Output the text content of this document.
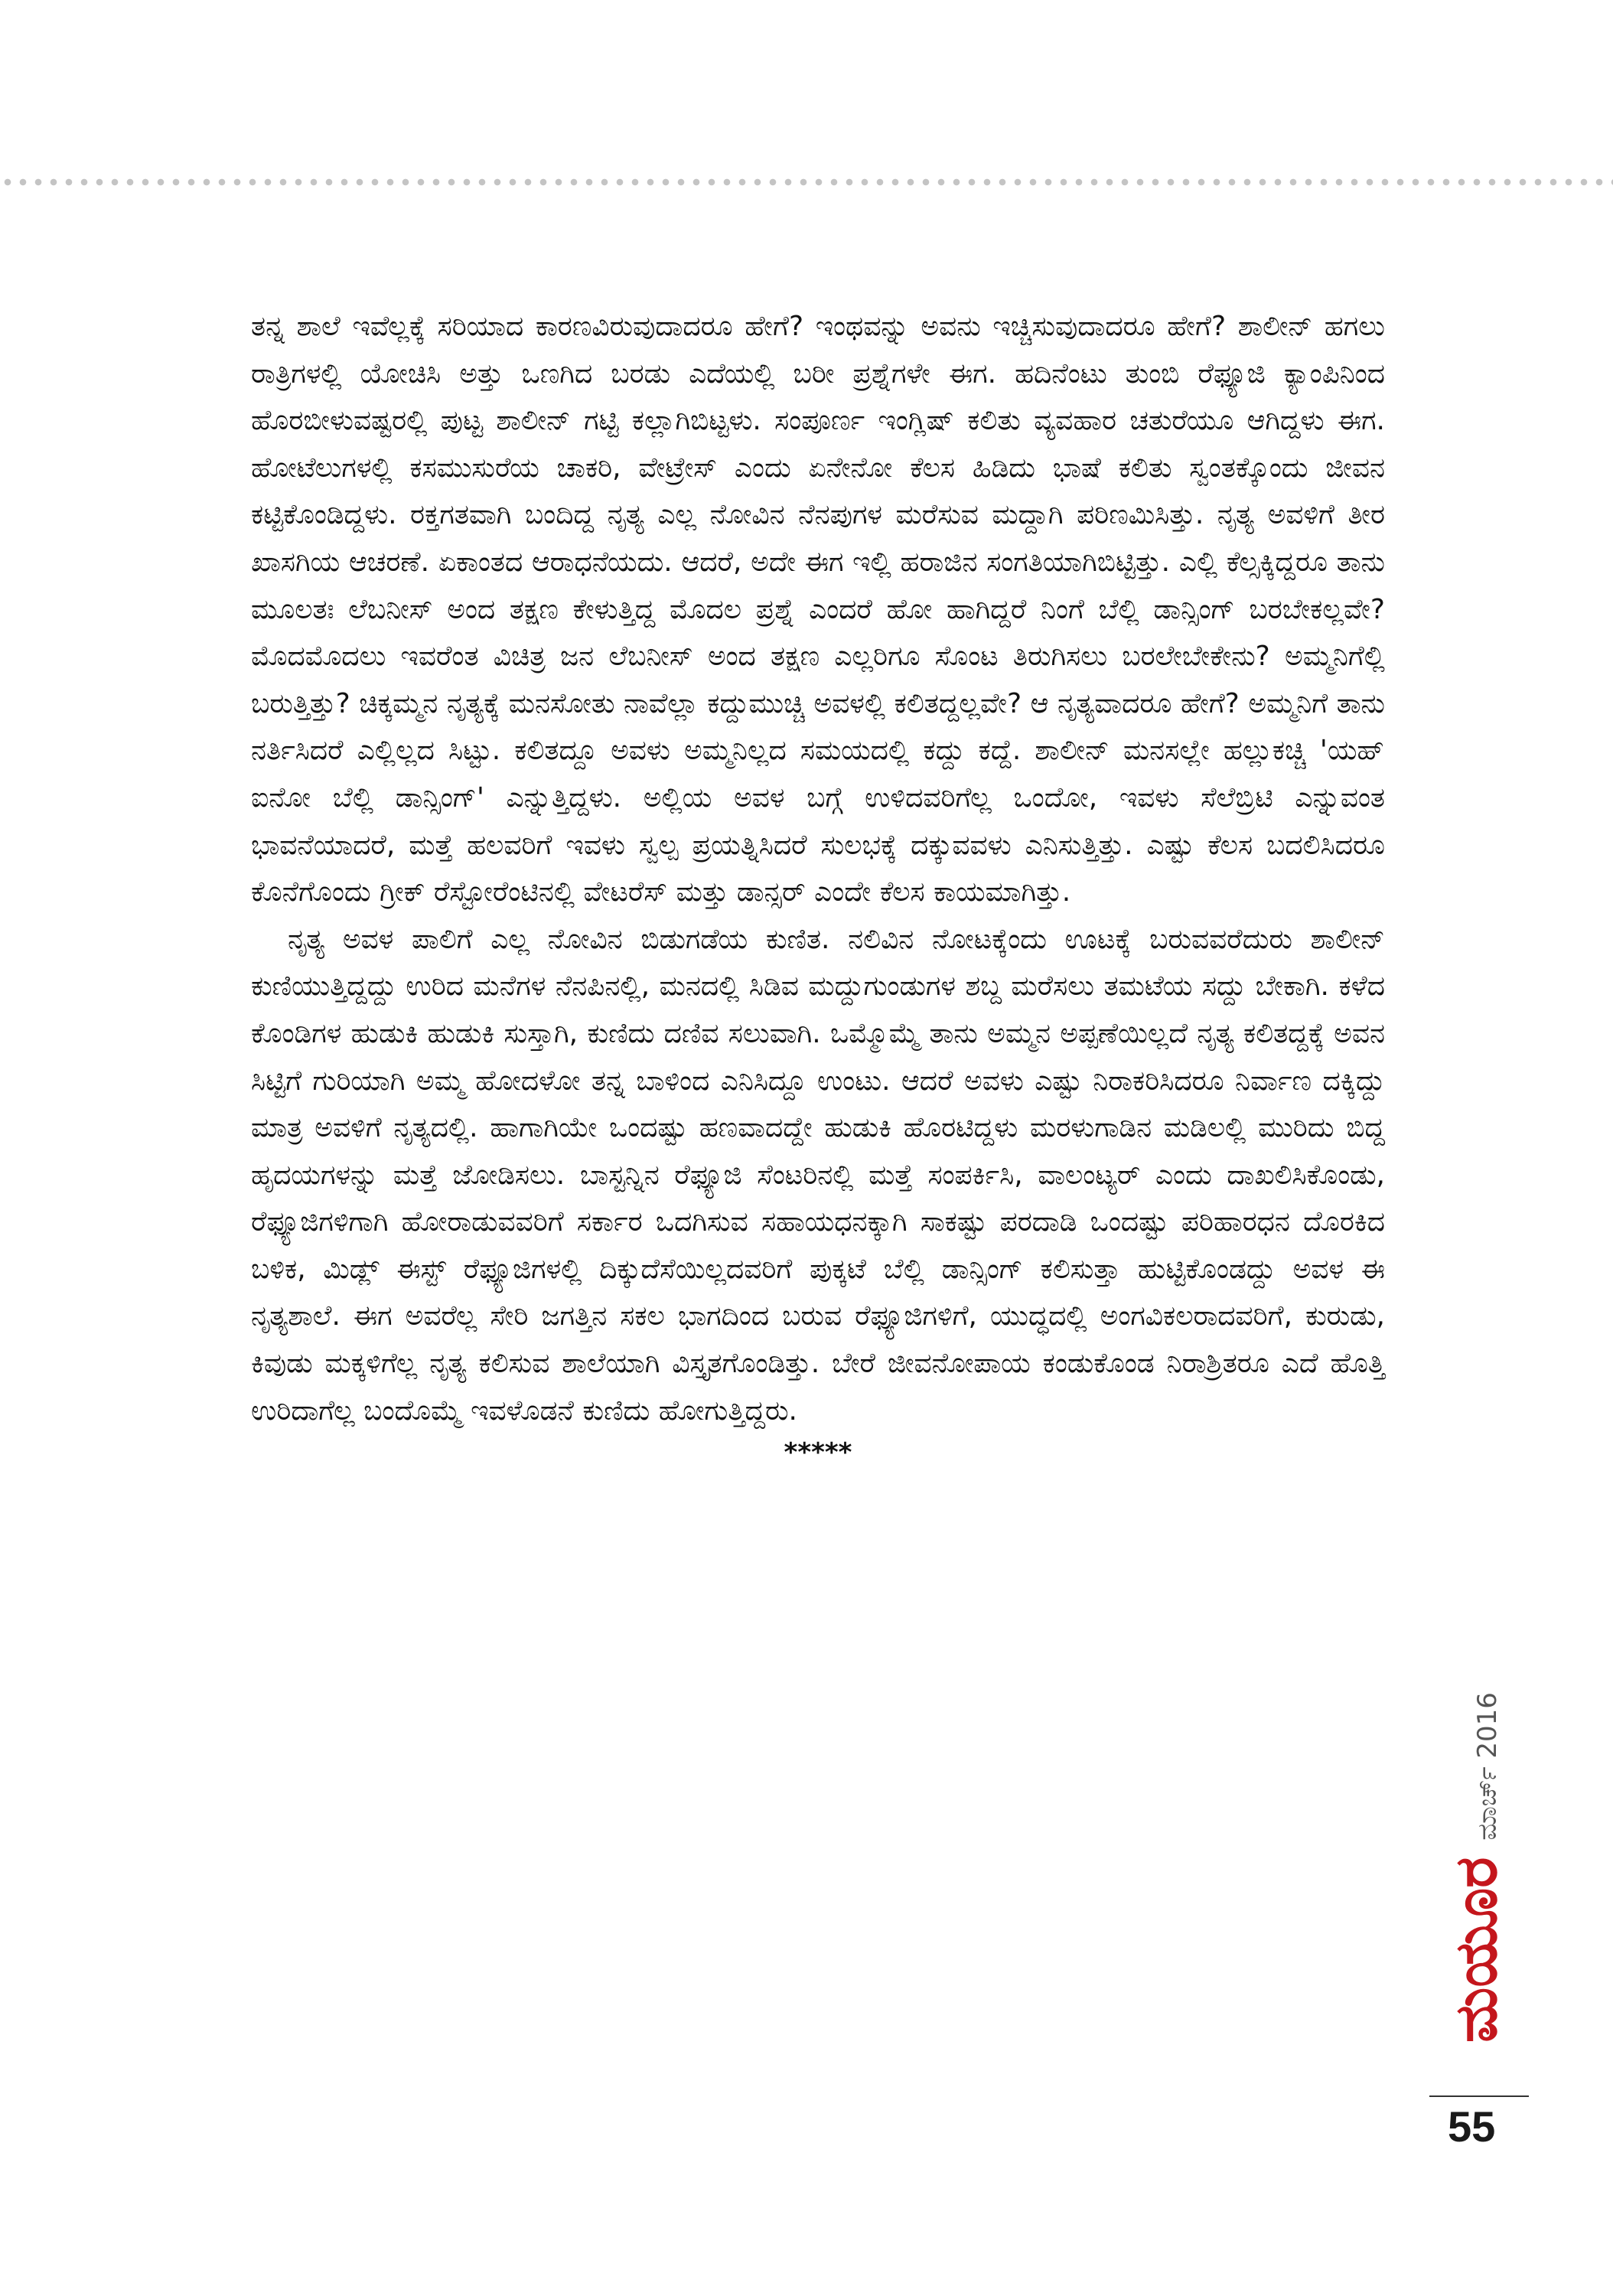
ತನ್ನ ಶಾಲೆ ಇವೆಲ್ಲಕ್ಕೆ ಸರಿಯಾದ ಕಾರಣವಿರುವುದಾದರೂ ಹೇಗೆ? ಇಂಥವನ್ನು ಅವನು ಇಚ್ಚಿಸುವುದಾದರೂ ಹೇಗೆ? ಶಾಲೀನ್ ಹಗಲು ರಾತ್ರಿಗಳಲ್ಲಿ ಯೋಚಿಸಿ ಅತ್ತು ಒಣಗಿದ ಬರಡು ಎದೆಯಲ್ಲಿ ಬರೀ ಪ್ರಶ್ನೆಗಳೇ ಈಗ. ಹದಿನೆಂಟು ತುಂಬಿ ರೆಫ್ಯೂಜಿ ಕ್ಯಾಂಪಿನಿಂದ ಹೊರಬೀಳುವಷ್ಟರಲ್ಲಿ ಪುಟ್ಟ ಶಾಲೀನ್ ಗಟ್ಟಿ ಕಲ್ಲಾಗಿಬಿಟ್ಟಳು. ಸಂಪೂರ್ಣ ಇಂಗ್ಲಿಷ್ ಕಲಿತು ವ್ಯವಹಾರ ಚತುರೆಯೂ ಆಗಿದ್ದಳು ಈಗ. ಹೋಟೆಲುಗಳಲ್ಲಿ ಕಸಮುಸುರೆಯ ಚಾಕರಿ, ವೇಟ್ರೇಸ್ ಎಂದು ಏನೇನೋ ಕೆಲಸ ಹಿಡಿದು ಭಾಷೆ ಕಲಿತು ಸ್ವಂತಕ್ಕೊಂದು ಜೀವನ ಕಟ್ಟಿಕೊಂಡಿದ್ದಳು. ರಕ್ತಗತವಾಗಿ ಬಂದಿದ್ದ ನೃತ್ಯ ಎಲ್ಲ ನೋವಿನ ನೆನಪುಗಳ ಮರೆಸುವ ಮದ್ದಾಗಿ ಪರಿಣಮಿಸಿತ್ತು. ನೃತ್ಯ ಅವಳಿಗೆ ತೀರ ಖಾಸಗಿಯ ಆಚರಣೆ. ಏಕಾಂತದ ಆರಾಧನೆಯದು. ಆದರೆ, ಅದೇ ಈಗ ಇಲ್ಲಿ ಹರಾಜಿನ ಸಂಗತಿಯಾಗಿಬಿಟ್ಟಿತ್ತು. ಎಲ್ಲಿ ಕೆಲ್ಸಕ್ಕಿದ್ದರೂ ತಾನು ಮೂಲತಃ ಲೆಬನೀಸ್ ಅಂದ ತಕ್ಷಣ ಕೇಳುತ್ತಿದ್ದ ಮೊದಲ ಪ್ರಶ್ನೆ ಎಂದರೆ ಹೋ ಹಾಗಿದ್ದರೆ ನಿಂಗೆ ಬೆಲ್ಲಿ ಡಾನ್ಸಿಂಗ್ ಬರಬೇಕಲ್ಲವೇ? ಮೊದಮೊದಲು ಇವರೆಂತ ವಿಚಿತ್ರ ಜನ ಲೆಬನೀಸ್ ಅಂದ ತಕ್ಷಣ ಎಲ್ಲರಿಗೂ ಸೊಂಟ ತಿರುಗಿಸಲು ಬರಲೇಬೇಕೇನು? ಅಮ್ಮನಿಗೆಲ್ಲಿ ಬರುತ್ತಿತ್ತು? ಚಿಕ್ಕಮ್ಮನ ನೃತ್ಯಕ್ಕೆ ಮನಸೋತು ನಾವೆಲ್ಲಾ ಕದ್ದುಮುಚ್ಚಿ ಅವಳಲ್ಲಿ ಕಲಿತದ್ದಲ್ಲವೇ? ಆ ನೃತ್ಯವಾದರೂ ಹೇಗೆ? ಅಮ್ಮನಿಗೆ ತಾನು ನರ್ತಿಸಿದರೆ ಎಲ್ಲಿಲ್ಲದ ಸಿಟ್ಟು. ಕಲಿತದ್ದೂ ಅವಳು ಅಮ್ಮನಿಲ್ಲದ ಸಮಯದಲ್ಲಿ ಕದ್ದು ಕದ್ದೆ. ಶಾಲೀನ್ ಮನಸಲ್ಲೇ ಹಲ್ಲುಕಚ್ಚಿ 'ಯಹ್ ಐನೋ ಬೆಲ್ಲಿ ಡಾನ್ಸಿಂಗ್' ಎನ್ನುತ್ತಿದ್ದಳು. ಅಲ್ಲಿಯ ಅವಳ ಬಗ್ಗೆ ಉಳಿದವರಿಗೆಲ್ಲ ಒಂದೋ, ಇವಳು ಸೆಲೆಬ್ರಿಟಿ ಎನ್ನುವಂತ ಭಾವನೆಯಾದರೆ, ಮತ್ತೆ ಹಲವರಿಗೆ ಇವಳು ಸ್ವಲ್ಪ ಪ್ರಯತ್ನಿಸಿದರೆ ಸುಲಭಕ್ಕೆ ದಕ್ಕುವವಳು ಎನಿಸುತ್ತಿತ್ತು. ಎಷ್ಟು ಕೆಲಸ ಬದಲಿಸಿದರೂ ಕೊನೆಗೊಂದು ಗ್ರೀಕ್ ರೆಸ್ಟೋರೆಂಟಿನಲ್ಲಿ ವೇಟರೆಸ್ ಮತ್ತು ಡಾನ್ಸರ್ ಎಂದೇ ಕೆಲಸ ಕಾಯಮಾಗಿತ್ತು.

ನೃತ್ಯ ಅವಳ ಪಾಲಿಗೆ ಎಲ್ಲ ನೋವಿನ ಬಿಡುಗಡೆಯ ಕುಣಿತ. ನಲಿವಿನ ನೋಟಕ್ಕೆಂದು ಊಟಕ್ಕೆ ಬರುವವರೆದುರು ಶಾಲೀನ್ ಕುಣಿಯುತ್ತಿದ್ದದ್ದು ಉರಿದ ಮನೆಗಳ ನೆನಪಿನಲ್ಲಿ, ಮನದಲ್ಲಿ ಸಿಡಿವ ಮದ್ದುಗುಂಡುಗಳ ಶಬ್ದ ಮರೆಸಲು ತಮಟೆಯ ಸದ್ದು ಬೇಕಾಗಿ. ಕಳೆದ ಕೊಂಡಿಗಳ ಹುಡುಕಿ ಹುಡುಕಿ ಸುಸ್ತಾಗಿ, ಕುಣಿದು ದಣಿವ ಸಲುವಾಗಿ. ಒಮ್ಮೊಮ್ಮೆ ತಾನು ಅಮ್ಮನ ಅಪ್ಪಣೆಯಿಲ್ಲದೆ ನೃತ್ಯ ಕಲಿತದ್ದಕ್ಕೆ ಅವನ ಸಿಟ್ಟಿಗೆ ಗುರಿಯಾಗಿ ಅಮ್ಮ ಹೋದಳೋ ತನ್ನ ಬಾಳಿಂದ ಎನಿಸಿದ್ದೂ ಉಂಟು. ಆದರೆ ಅವಳು ಎಷ್ಟು ನಿರಾಕರಿಸಿದರೂ ನಿರ್ವಾಣ ದಕ್ಕಿದ್ದು ಮಾತ್ರ ಅವಳಿಗೆ ನೃತ್ಯದಲ್ಲಿ. ಹಾಗಾಗಿಯೇ ಒಂದಷ್ಟು ಹಣವಾದದ್ದೇ ಹುಡುಕಿ ಹೊರಟಿದ್ದಳು ಮರಳುಗಾಡಿನ ಮಡಿಲಲ್ಲಿ ಮುರಿದು ಬಿದ್ದ ಹೃದಯಗಳನ್ನು ಮತ್ತೆ ಜೋಡಿಸಲು. ಬಾಸ್ಟನ್ನಿನ ರೆಫ್ಯೂಜಿ ಸೆಂಟರಿನಲ್ಲಿ ಮತ್ತೆ ಸಂಪರ್ಕಿಸಿ, ವಾಲಂಟ್ಯರ್ ಎಂದು ದಾಖಲಿಸಿಕೊಂಡು, ರೆಫ್ಯೂಜಿಗಳಿಗಾಗಿ ಹೋರಾಡುವವರಿಗೆ ಸರ್ಕಾರ ಒದಗಿಸುವ ಸಹಾಯಧನಕ್ಕಾಗಿ ಸಾಕಷ್ಟು ಪರದಾಡಿ ಒಂದಷ್ಟು ಪರಿಹಾರಧನ ದೊರಕಿದ ಬಳಿಕ, ಮಿಡ್ಲ್ ಈಸ್ಟ್ ರೆಫ್ಯೂಜಿಗಳಲ್ಲಿ ದಿಕ್ಕುದೆಸೆಯಿಲ್ಲದವರಿಗೆ ಪುಕ್ಕಟೆ ಬೆಲ್ಲಿ ಡಾನ್ಸಿಂಗ್ ಕಲಿಸುತ್ತಾ ಹುಟ್ಟಿಕೊಂಡದ್ದು ಅವಳ ಈ ನೃತ್ಯಶಾಲೆ. ಈಗ ಅವರೆಲ್ಲ ಸೇರಿ ಜಗತ್ತಿನ ಸಕಲ ಭಾಗದಿಂದ ಬರುವ ರೆಫ್ಯೂಜಿಗಳಿಗೆ, ಯುದ್ಧದಲ್ಲಿ ಅಂಗವಿಕಲರಾದವರಿಗೆ, ಕುರುಡು, ಕಿವುಡು ಮಕ್ಕಳಿಗೆಲ್ಲ ನೃತ್ಯ ಕಲಿಸುವ ಶಾಲೆಯಾಗಿ ವಿಸ್ತೃತಗೊಂಡಿತ್ತು. ಬೇರೆ ಜೀವನೋಪಾಯ ಕಂಡುಕೊಂಡ ನಿರಾಶ್ರಿತರೂ ಎದೆ ಹೊತ್ತಿ ಉರಿದಾಗೆಲ್ಲ ಬಂದೊಮ್ಮೆ ಇವಳೊಡನೆ ಕುಣಿದು ಹೋಗುತ್ತಿದ್ದರು.

*****
ಮಯೂರ
ಮಾರ್ಚ್ 2016
55
